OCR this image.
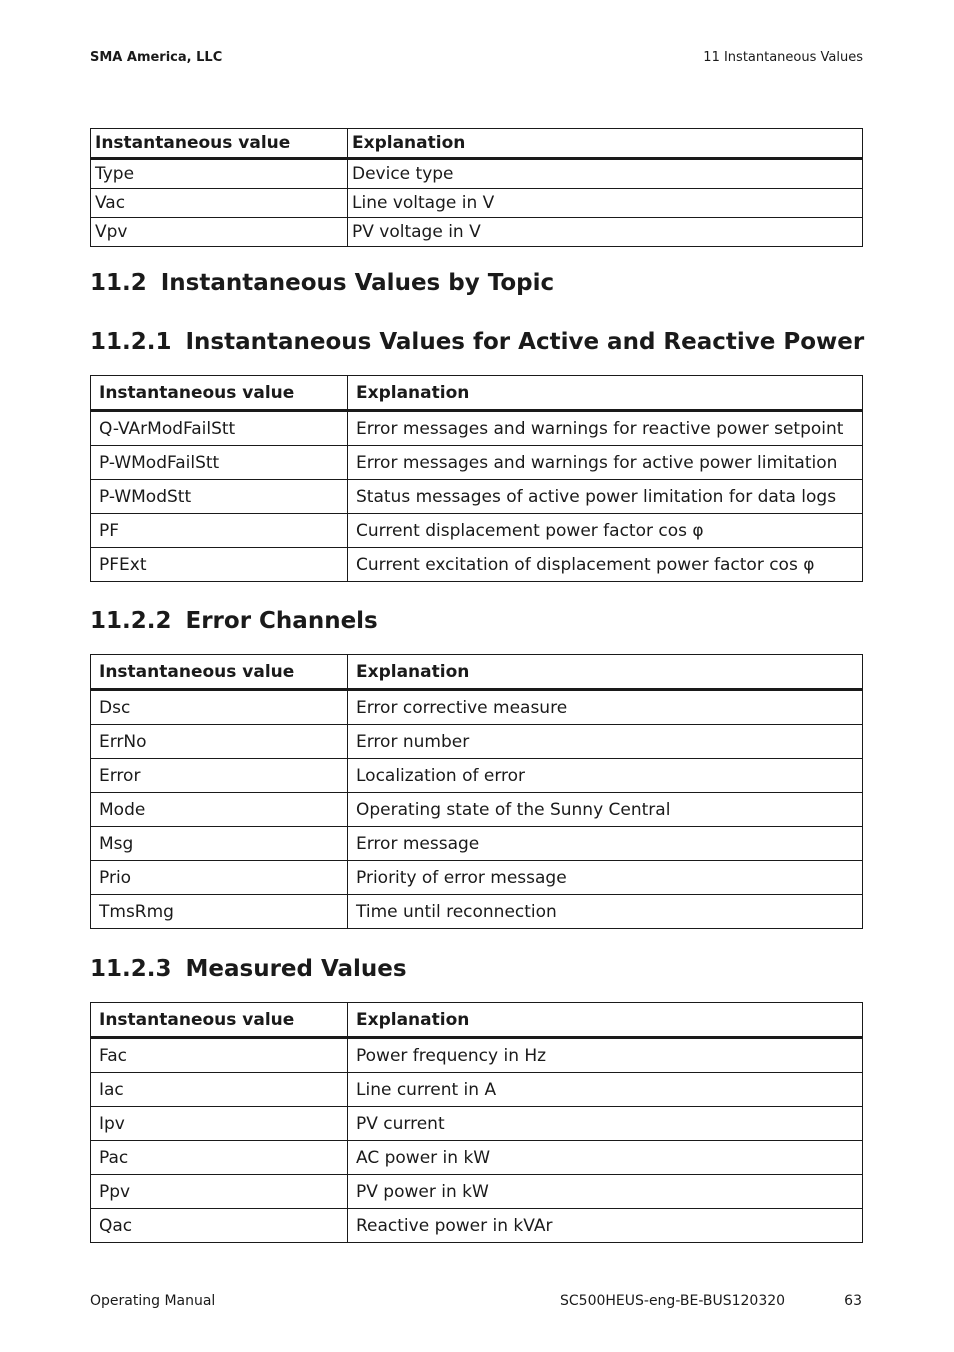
SMA America, LLC	11 Instantaneous Values
Instantaneous value	Explanation
Type	Device type
Vac	Line voltage in V
Vpv	PV voltage in V
11.2 Instantaneous Values by Topic
11.2.1 Instantaneous Values for Active and Reactive Power
Instantaneous value	Explanation
Q-VArModFailStt	Error messages and warnings for reactive power setpoint
P-WModFailStt	Error messages and warnings for active power limitation
P-WModStt	Status messages of active power limitation for data logs
PF	Current displacement power factor cos φ
PFExt	Current excitation of displacement power factor cos φ
11.2.2 Error Channels
Instantaneous value	Explanation
Dsc	Error corrective measure
ErrNo	Error number
Error	Localization of error
Mode	Operating state of the Sunny Central
Msg	Error message
Prio	Priority of error message
TmsRmg	Time until reconnection
11.2.3 Measured Values
Instantaneous value	Explanation
Fac	Power frequency in Hz
Iac	Line current in A
Ipv	PV current
Pac	AC power in kW
Ppv	PV power in kW
Qac	Reactive power in kVAr
Operating Manual	SC500HEUS-eng-BE-BUS120320	63
